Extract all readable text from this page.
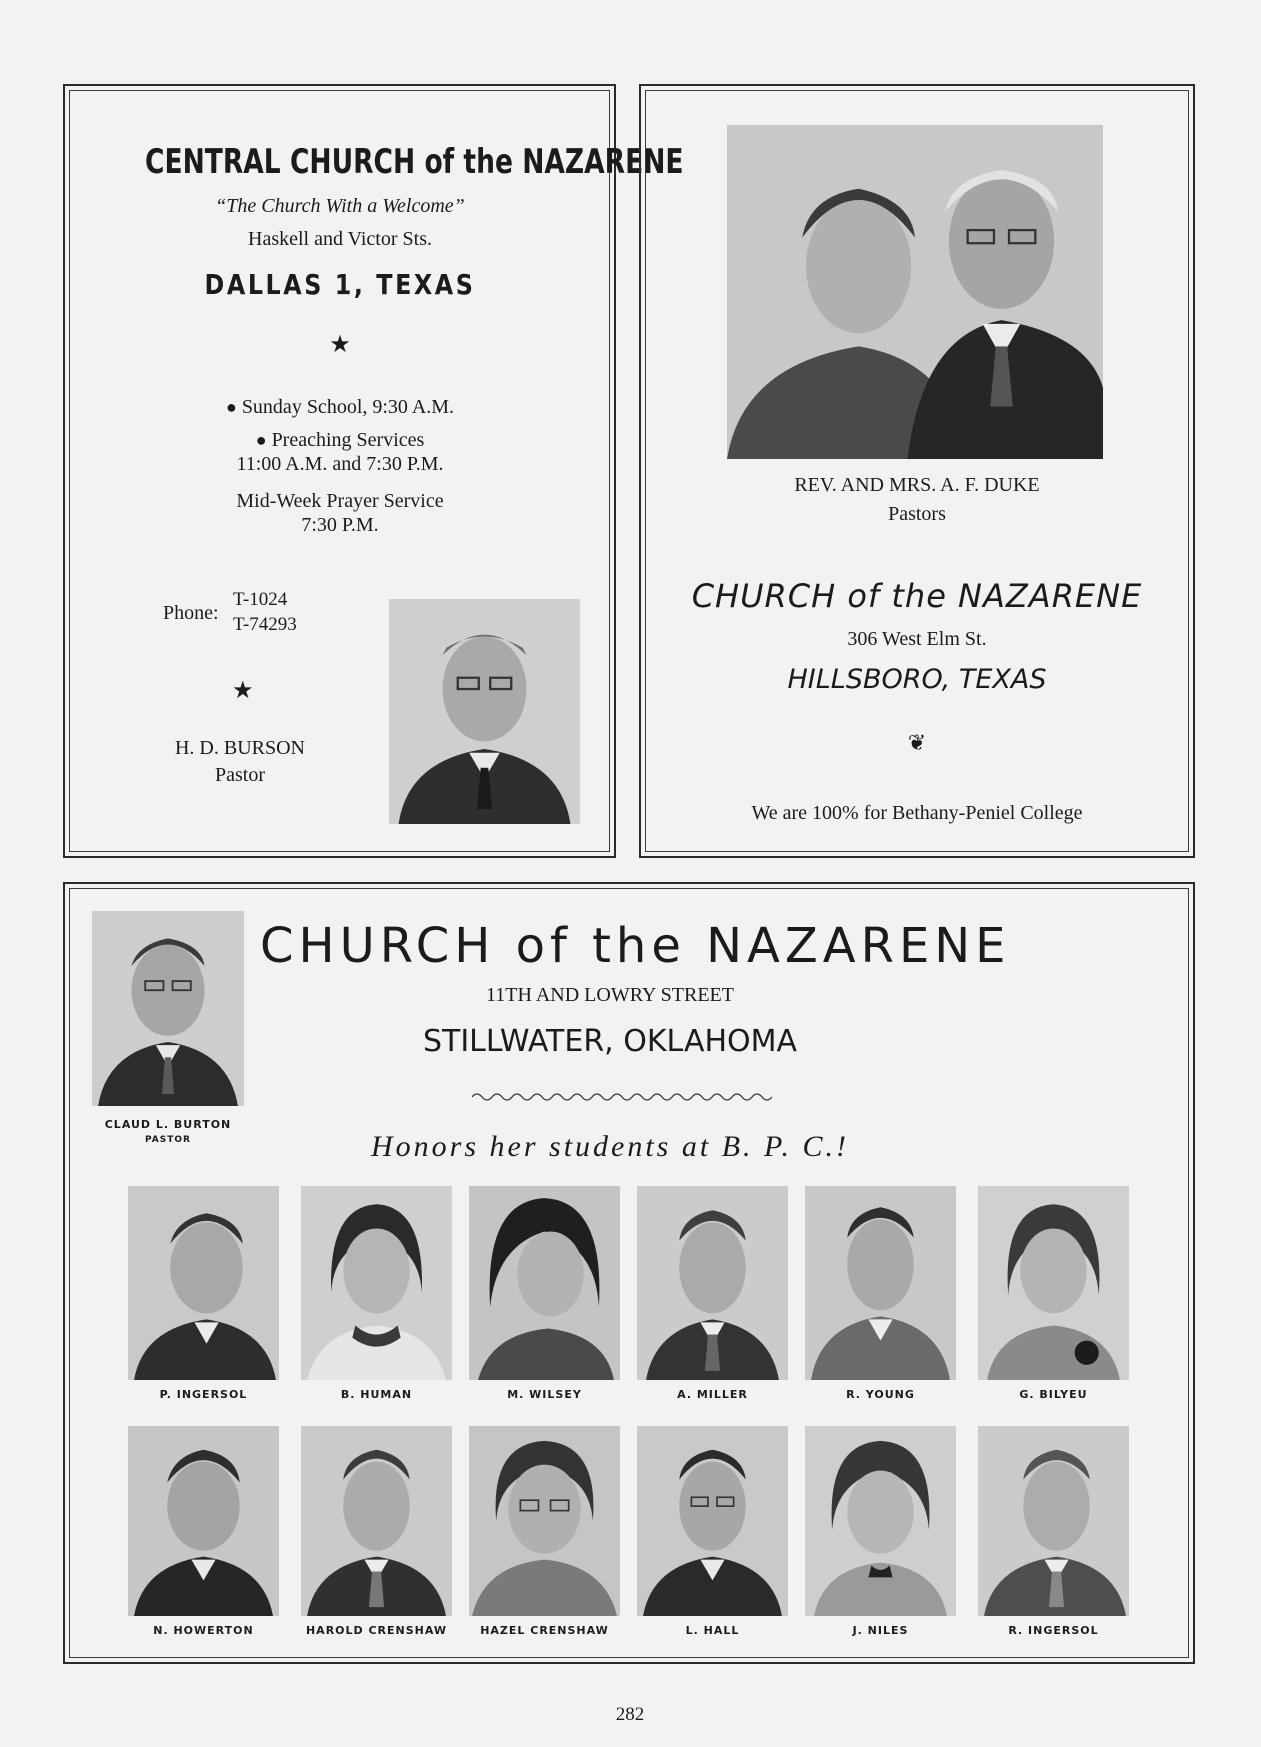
CENTRAL CHURCH of the NAZARENE
“The Church With a Welcome”
Haskell and Victor Sts.
DALLAS 1, TEXAS
★
● Sunday School, 9:30 A.M.
● Preaching Services
11:00 A.M. and 7:30 P.M.
Mid-Week Prayer Service
7:30 P.M.
Phone:
T-1024
T-74293
★
H. D. BURSON
Pastor
REV. AND MRS. A. F. DUKE
Pastors
CHURCH of the NAZARENE
306 West Elm St.
HILLSBORO, TEXAS
❦
We are 100% for Bethany-Peniel College
CLAUD L. BURTON
PASTOR
CHURCH of the NAZARENE
11TH AND LOWRY STREET
STILLWATER, OKLAHOMA
Honors her students at B. P. C.!
P. INGERSOL	B. HUMAN	M. WILSEY	A. MILLER	R. YOUNG	G. BILYEU
N. HOWERTON	HAROLD CRENSHAW	HAZEL CRENSHAW	L. HALL	J. NILES	R. INGERSOL
282
